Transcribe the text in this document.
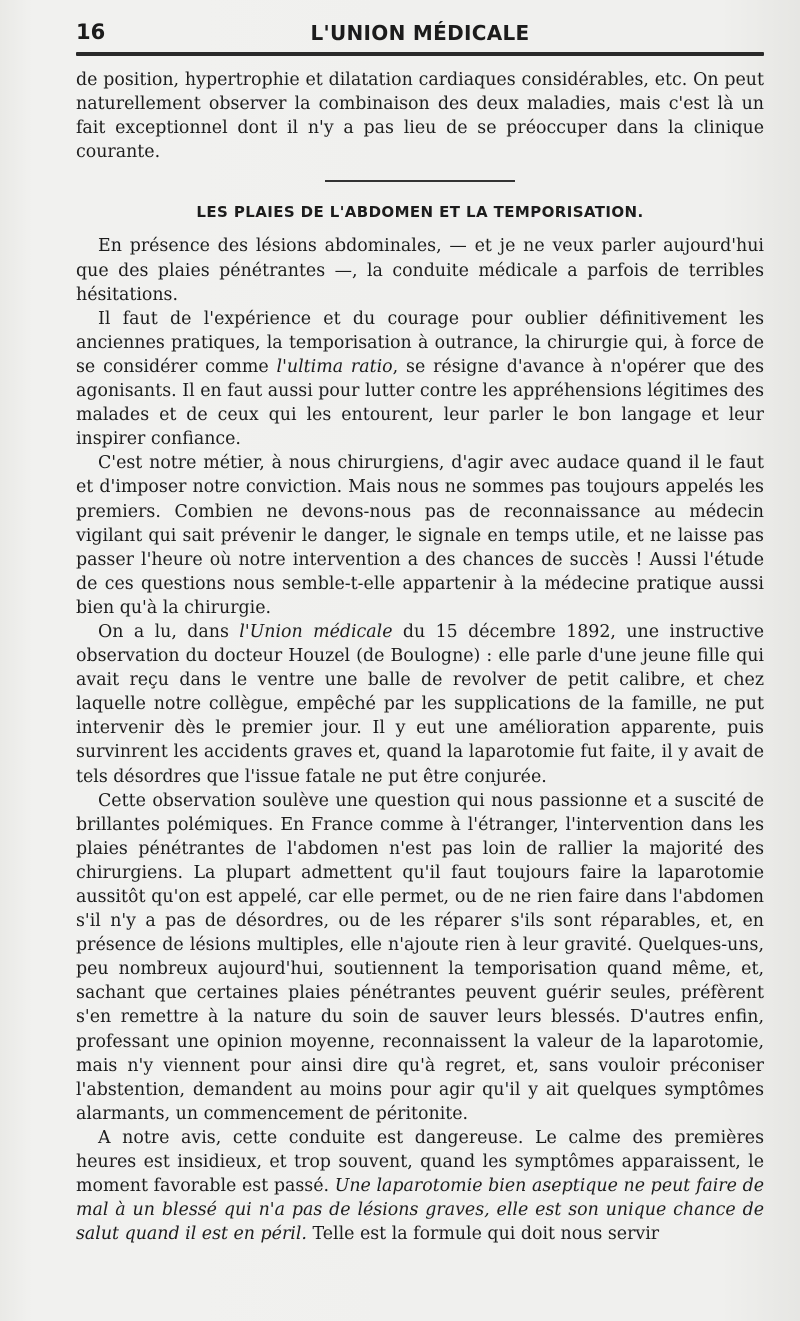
16	L'UNION MÉDICALE

de position, hypertrophie et dilatation cardiaques considérables, etc. On peut naturellement observer la combinaison des deux maladies, mais c'est là un fait exceptionnel dont il n'y a pas lieu de se préoccuper dans la clinique courante.

LES PLAIES DE L'ABDOMEN ET LA TEMPORISATION.

En présence des lésions abdominales, — et je ne veux parler aujourd'hui que des plaies pénétrantes —, la conduite médicale a parfois de terribles hésitations.

Il faut de l'expérience et du courage pour oublier définitivement les anciennes pratiques, la temporisation à outrance, la chirurgie qui, à force de se considérer comme l'ultima ratio, se résigne d'avance à n'opérer que des agonisants. Il en faut aussi pour lutter contre les appréhensions légitimes des malades et de ceux qui les entourent, leur parler le bon langage et leur inspirer confiance.

C'est notre métier, à nous chirurgiens, d'agir avec audace quand il le faut et d'imposer notre conviction. Mais nous ne sommes pas toujours appelés les premiers. Combien ne devons-nous pas de reconnaissance au médecin vigilant qui sait prévenir le danger, le signale en temps utile, et ne laisse pas passer l'heure où notre intervention a des chances de succès ! Aussi l'étude de ces questions nous semble-t-elle appartenir à la médecine pratique aussi bien qu'à la chirurgie.

On a lu, dans l'Union médicale du 15 décembre 1892, une instructive observation du docteur Houzel (de Boulogne) : elle parle d'une jeune fille qui avait reçu dans le ventre une balle de revolver de petit calibre, et chez laquelle notre collègue, empêché par les supplications de la famille, ne put intervenir dès le premier jour. Il y eut une amélioration apparente, puis survinrent les accidents graves et, quand la laparotomie fut faite, il y avait de tels désordres que l'issue fatale ne put être conjurée.

Cette observation soulève une question qui nous passionne et a suscité de brillantes polémiques. En France comme à l'étranger, l'intervention dans les plaies pénétrantes de l'abdomen n'est pas loin de rallier la majorité des chirurgiens. La plupart admettent qu'il faut toujours faire la laparotomie aussitôt qu'on est appelé, car elle permet, ou de ne rien faire dans l'abdomen s'il n'y a pas de désordres, ou de les réparer s'ils sont réparables, et, en présence de lésions multiples, elle n'ajoute rien à leur gravité. Quelques-uns, peu nombreux aujourd'hui, soutiennent la temporisation quand même, et, sachant que certaines plaies pénétrantes peuvent guérir seules, préfèrent s'en remettre à la nature du soin de sauver leurs blessés. D'autres enfin, professant une opinion moyenne, reconnaissent la valeur de la laparotomie, mais n'y viennent pour ainsi dire qu'à regret, et, sans vouloir préconiser l'abstention, demandent au moins pour agir qu'il y ait quelques symptômes alarmants, un commencement de péritonite.

A notre avis, cette conduite est dangereuse. Le calme des premières heures est insidieux, et trop souvent, quand les symptômes apparaissent, le moment favorable est passé. Une laparotomie bien aseptique ne peut faire de mal à un blessé qui n'a pas de lésions graves, elle est son unique chance de salut quand il est en péril. Telle est la formule qui doit nous servir
